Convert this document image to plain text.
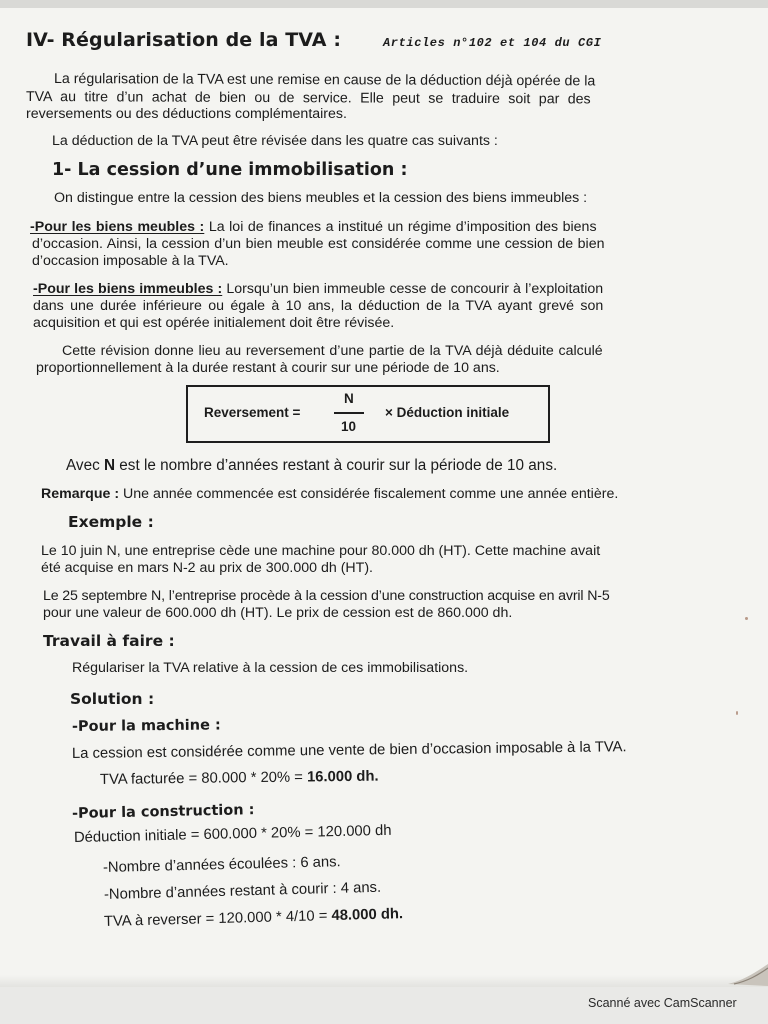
IV- Régularisation de la TVA :	Articles n°102 et 104 du CGI

La régularisation de la TVA est une remise en cause de la déduction déjà opérée de la

TVA au titre d’un achat de bien ou de service. Elle peut se traduire soit par des

reversements ou des déductions complémentaires.

La déduction de la TVA peut être révisée dans les quatre cas suivants :

1- La cession d’une immobilisation :

On distingue entre la cession des biens meubles et la cession des biens immeubles :

-Pour les biens meubles : La loi de finances a institué un régime d’imposition des biens

d’occasion. Ainsi, la cession d’un bien meuble est considérée comme une cession de bien

d’occasion imposable à la TVA.

-Pour les biens immeubles : Lorsqu’un bien immeuble cesse de concourir à l’exploitation

dans une durée inférieure ou égale à 10 ans, la déduction de la TVA ayant grevé son

acquisition et qui est opérée initialement doit être révisée.

Cette révision donne lieu au reversement d’une partie de la TVA déjà déduite calculé

proportionnellement à la durée restant à courir sur une période de 10 ans.

Reversement =
N
10
× Déduction initiale

Avec N est le nombre d’années restant à courir sur la période de 10 ans.

Remarque : Une année commencée est considérée fiscalement comme une année entière.

Exemple :

Le 10 juin N, une entreprise cède une machine pour 80.000 dh (HT). Cette machine avait

été acquise en mars N-2 au prix de 300.000 dh (HT).

Le 25 septembre N, l’entreprise procède à la cession d’une construction acquise en avril N-5

pour une valeur de 600.000 dh (HT). Le prix de cession est de 860.000 dh.

Travail à faire :

Régulariser la TVA relative à la cession de ces immobilisations.

Solution :
-Pour la machine :

La cession est considérée comme une vente de bien d’occasion imposable à la TVA.

TVA facturée = 80.000 * 20% = 16.000 dh.

-Pour la construction :

Déduction initiale = 600.000 * 20% = 120.000 dh

-Nombre d’années écoulées : 6 ans.

-Nombre d’années restant à courir : 4 ans.

TVA à reverser = 120.000 * 4/10 = 48.000 dh.

Scanné avec CamScanner
